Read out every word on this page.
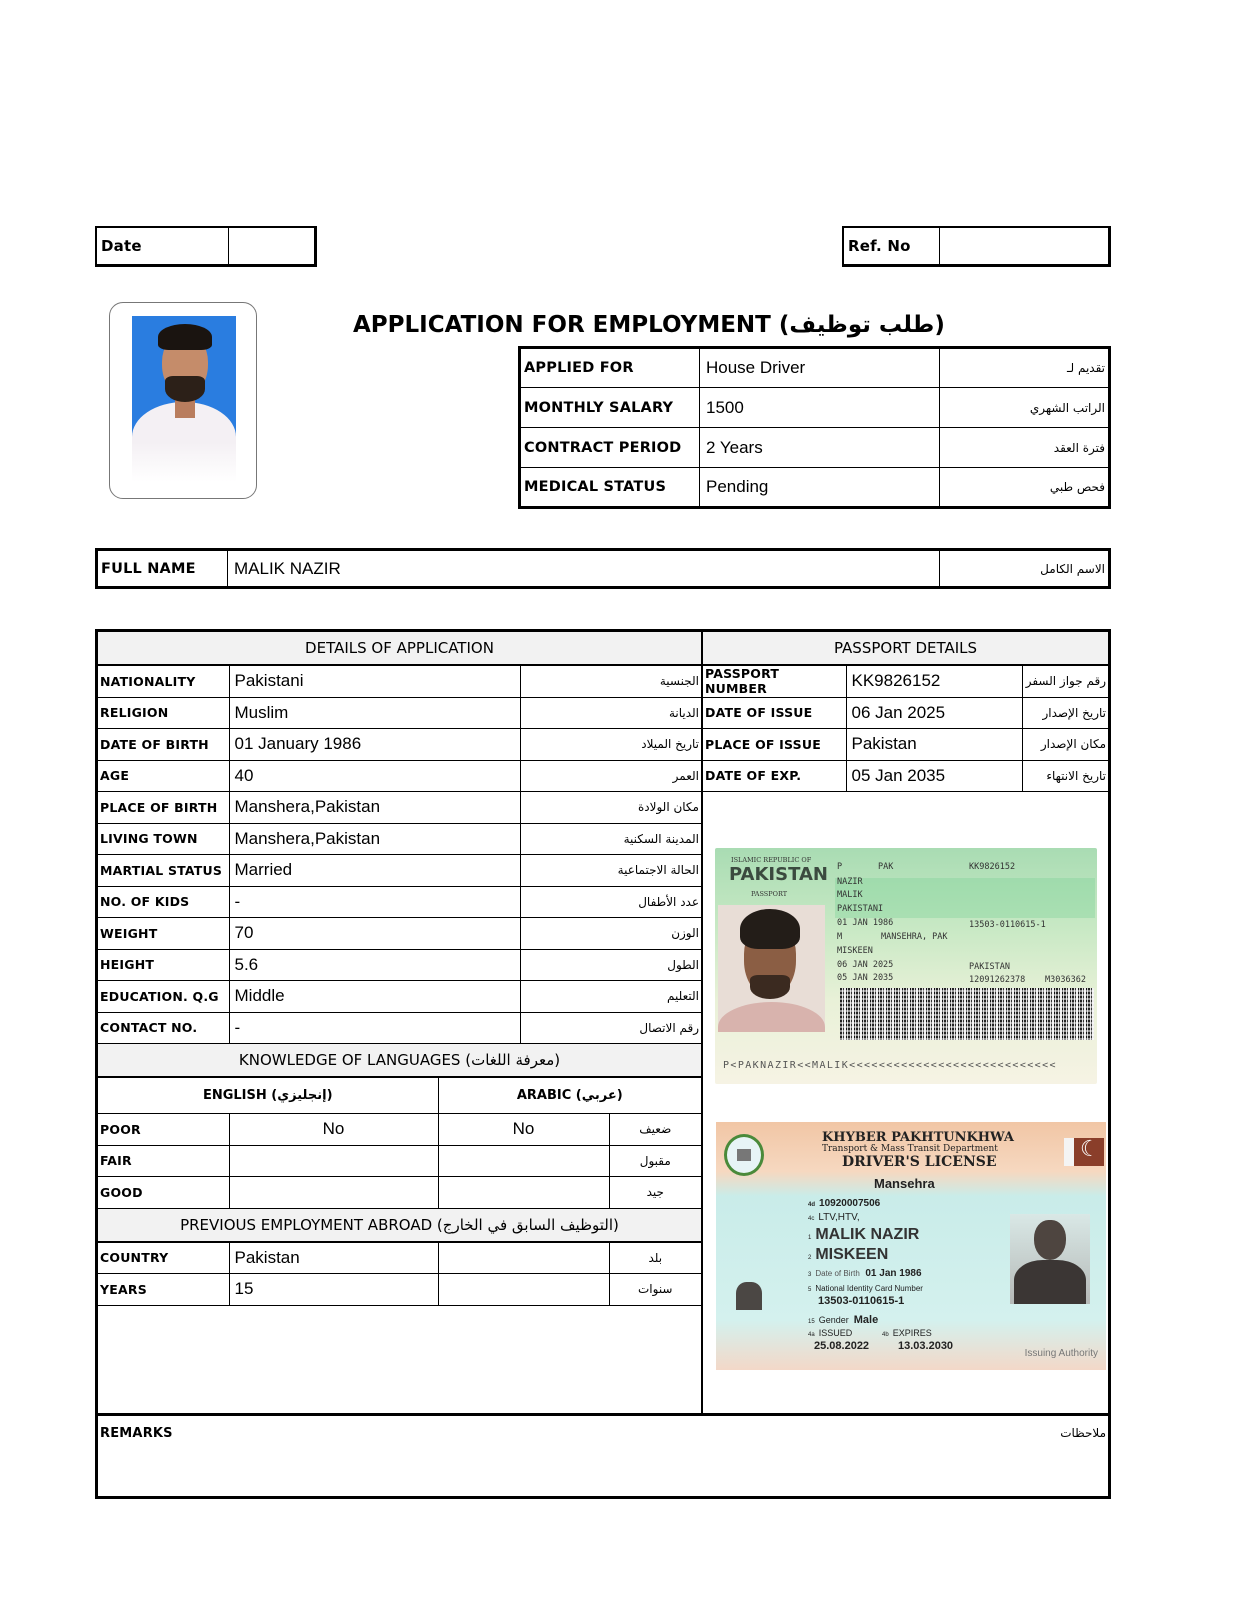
Date	Ref. No
APPLICATION FOR EMPLOYMENT (طلب توظيف)
APPLIED FOR	House Driver	تقديم لـ
MONTHLY SALARY	1500	الراتب الشهري
CONTRACT PERIOD	2 Years	فترة العقد
MEDICAL STATUS	Pending	فحص طبي
FULL NAME	MALIK NAZIR	الاسم الكامل
DETAILS OF APPLICATION
NATIONALITY	Pakistani	الجنسية
RELIGION	Muslim	الديانة
DATE OF BIRTH	01 January 1986	تاريخ الميلاد
AGE	40	العمر
PLACE OF BIRTH	Manshera,Pakistan	مكان الولادة
LIVING TOWN	Manshera,Pakistan	المدينة السكنية
MARTIAL STATUS	Married	الحالة الاجتماعية
NO. OF KIDS	-	عدد الأطفال
WEIGHT	70	الوزن
HEIGHT	5.6	الطول
EDUCATION. Q.G	Middle	التعليم
CONTACT NO.	-	رقم الاتصال
KNOWLEDGE OF LANGUAGES (معرفة اللغات)
ENGLISH (إنجليزي)		ARABIC (عربي)	
POOR	No	No	ضعيف
FAIR			مقبول
GOOD			جيد
PREVIOUS EMPLOYMENT ABROAD (التوظيف السابق في الخارج)
COUNTRY	Pakistan		بلد
YEARS	15		سنوات
PASSPORT DETAILS
PASSPORT NUMBER	KK9826152	رقم جواز السفر
DATE OF ISSUE	06 Jan 2025	تاريخ الإصدار
PLACE OF ISSUE	Pakistan	مكان الإصدار
DATE OF EXP.	05 Jan 2035	تاريخ الانتهاء
ISLAMIC REPUBLIC OF
PAKISTAN
PASSPORT
P	PAK	KK9826152
NAZIR
MALIK
PAKISTANI
01 JAN 1986	13503-0110615-1
M	MANSEHRA, PAK
MISKEEN
06 JAN 2025	PAKISTAN
05 JAN 2035	12091262378 M3036362
P<PAKNAZIR<<MALIK<<<<<<<<<<<<<<<<<<<<<<<<<<<<
☾
KHYBER PAKHTUNKHWA
Transport & Mass Transit Department
DRIVER'S LICENSE
Mansehra
4d 10920007506
4c LTV,HTV,
1 MALIK NAZIR
2 MISKEEN
3 Date of Birth 01 Jan 1986
5 National Identity Card Number
13503-0110615-1
15 Gender Male
4a ISSUED	4b EXPIRES
25.08.2022	13.03.2030
Issuing Authority
REMARKS	ملاحظات
